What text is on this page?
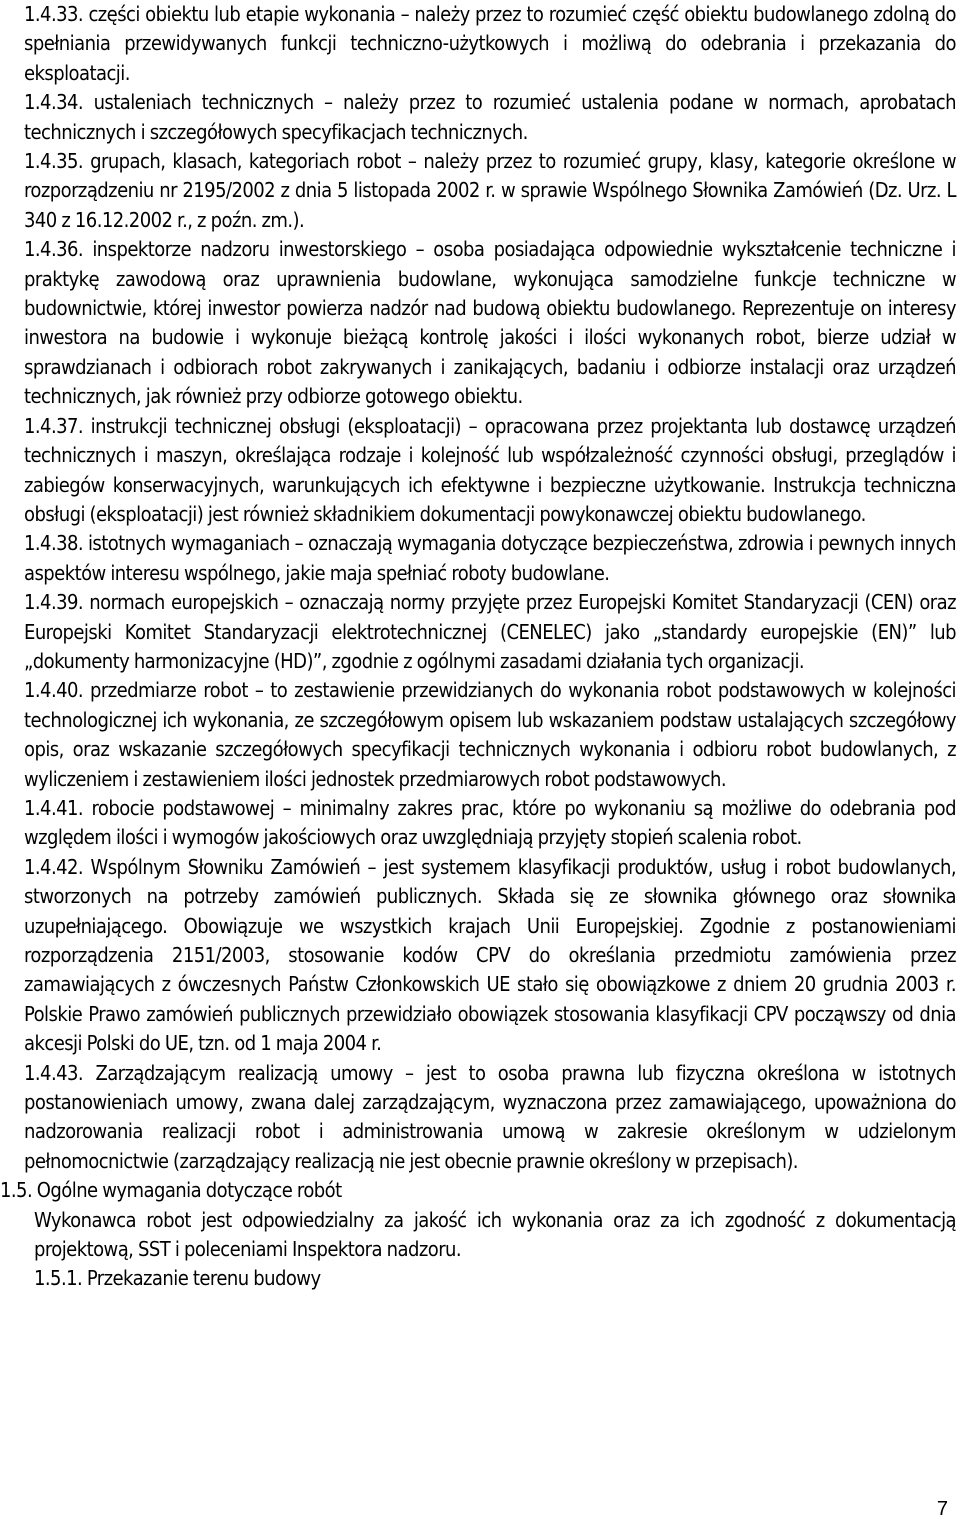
1.4.33. części obiektu lub etapie wykonania – należy przez to rozumieć część obiektu budowlanego zdolną do spełniania przewidywanych funkcji techniczno-użytkowych i możliwą do odebrania i przekazania do eksploatacji.

1.4.34. ustaleniach technicznych – należy przez to rozumieć ustalenia podane w normach, aprobatach technicznych i szczegółowych specyfikacjach technicznych.

1.4.35. grupach, klasach, kategoriach robot – należy przez to rozumieć grupy, klasy, kategorie określone w rozporządzeniu nr 2195/2002 z dnia 5 listopada 2002 r. w sprawie Wspólnego Słownika Zamówień (Dz. Urz. L 340 z 16.12.2002 r., z poźn. zm.).

1.4.36. inspektorze nadzoru inwestorskiego – osoba posiadająca odpowiednie wykształcenie techniczne i praktykę zawodową oraz uprawnienia budowlane, wykonująca samodzielne funkcje techniczne w budownictwie, której inwestor powierza nadzór nad budową obiektu budowlanego. Reprezentuje on interesy inwestora na budowie i wykonuje bieżącą kontrolę jakości i ilości wykonanych robot, bierze udział w sprawdzianach i odbiorach robot zakrywanych i zanikających, badaniu i odbiorze instalacji oraz urządzeń technicznych, jak również przy odbiorze gotowego obiektu.

1.4.37. instrukcji technicznej obsługi (eksploatacji) – opracowana przez projektanta lub dostawcę urządzeń technicznych i maszyn, określająca rodzaje i kolejność lub współzależność czynności obsługi, przeglądów i zabiegów konserwacyjnych, warunkujących ich efektywne i bezpieczne użytkowanie. Instrukcja techniczna obsługi (eksploatacji) jest również składnikiem dokumentacji powykonawczej obiektu budowlanego.

1.4.38. istotnych wymaganiach – oznaczają wymagania dotyczące bezpieczeństwa, zdrowia i pewnych innych aspektów interesu wspólnego, jakie maja spełniać roboty budowlane.

1.4.39. normach europejskich – oznaczają normy przyjęte przez Europejski Komitet Standaryzacji (CEN) oraz Europejski Komitet Standaryzacji elektrotechnicznej (CENELEC) jako „standardy europejskie (EN)” lub „dokumenty harmonizacyjne (HD)”, zgodnie z ogólnymi zasadami działania tych organizacji.

1.4.40. przedmiarze robot – to zestawienie przewidzianych do wykonania robot podstawowych w kolejności technologicznej ich wykonania, ze szczegółowym opisem lub wskazaniem podstaw ustalających szczegółowy opis, oraz wskazanie szczegółowych specyfikacji technicznych wykonania i odbioru robot budowlanych, z wyliczeniem i zestawieniem ilości jednostek przedmiarowych robot podstawowych.

1.4.41. robocie podstawowej – minimalny zakres prac, które po wykonaniu są możliwe do odebrania pod względem ilości i wymogów jakościowych oraz uwzględniają przyjęty stopień scalenia robot.

1.4.42. Wspólnym Słowniku Zamówień – jest systemem klasyfikacji produktów, usług i robot budowlanych, stworzonych na potrzeby zamówień publicznych. Składa się ze słownika głównego oraz słownika uzupełniającego. Obowiązuje we wszystkich krajach Unii Europejskiej. Zgodnie z postanowieniami rozporządzenia 2151/2003, stosowanie kodów CPV do określania przedmiotu zamówienia przez zamawiających z ówczesnych Państw Członkowskich UE stało się obowiązkowe z dniem 20 grudnia 2003 r. Polskie Prawo zamówień publicznych przewidziało obowiązek stosowania klasyfikacji CPV począwszy od dnia akcesji Polski do UE, tzn. od 1 maja 2004 r.

1.4.43. Zarządzającym realizacją umowy – jest to osoba prawna lub fizyczna określona w istotnych postanowieniach umowy, zwana dalej zarządzającym, wyznaczona przez zamawiającego, upoważniona do nadzorowania realizacji robot i administrowania umową w zakresie określonym w udzielonym pełnomocnictwie (zarządzający realizacją nie jest obecnie prawnie określony w przepisach).

1.5. Ogólne wymagania dotyczące robót

Wykonawca robot jest odpowiedzialny za jakość ich wykonania oraz za ich zgodność z dokumentacją projektową, SST i poleceniami Inspektora nadzoru.

1.5.1. Przekazanie terenu budowy

7
